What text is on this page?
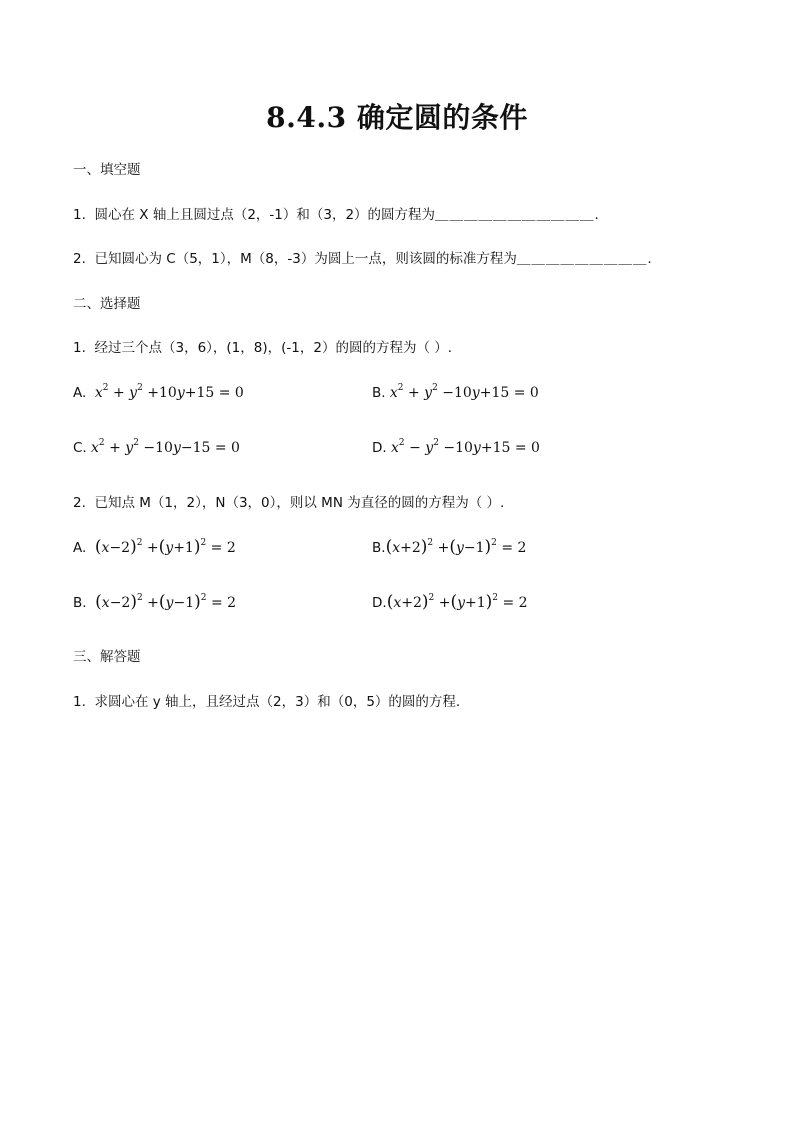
8.4.3 确定圆的条件
一、填空题
1. 圆心在 X 轴上且圆过点（2，-1）和（3，2）的圆方程为＿＿＿＿＿＿＿＿＿＿＿.
2. 已知圆心为 C（5，1），M（8，-3）为圆上一点，则该圆的标准方程为＿＿＿＿＿＿＿＿＿.
二、选择题
1. 经过三个点（3，6），(1，8)，(-1，2）的圆的方程为（ ）.
A. $x^2 + y^2 +10y+15 = 0$	B. $x^2 + y^2 -10y+15 = 0$
C. $x^2 + y^2 -10y-15 = 0$	D. $x^2 - y^2 -10y+15 = 0$
2. 已知点 M（1，2），N（3，0），则以 MN 为直径的圆的方程为（ ）.
A. $(x-2)^2 +(y+1)^2 = 2$	$B.(x+2)^2 +(y-1)^2 = 2$
B. $(x-2)^2 +(y-1)^2 = 2$	$D.(x+2)^2 +(y+1)^2 = 2$
三、解答题
1. 求圆心在 y 轴上，且经过点（2，3）和（0，5）的圆的方程.
